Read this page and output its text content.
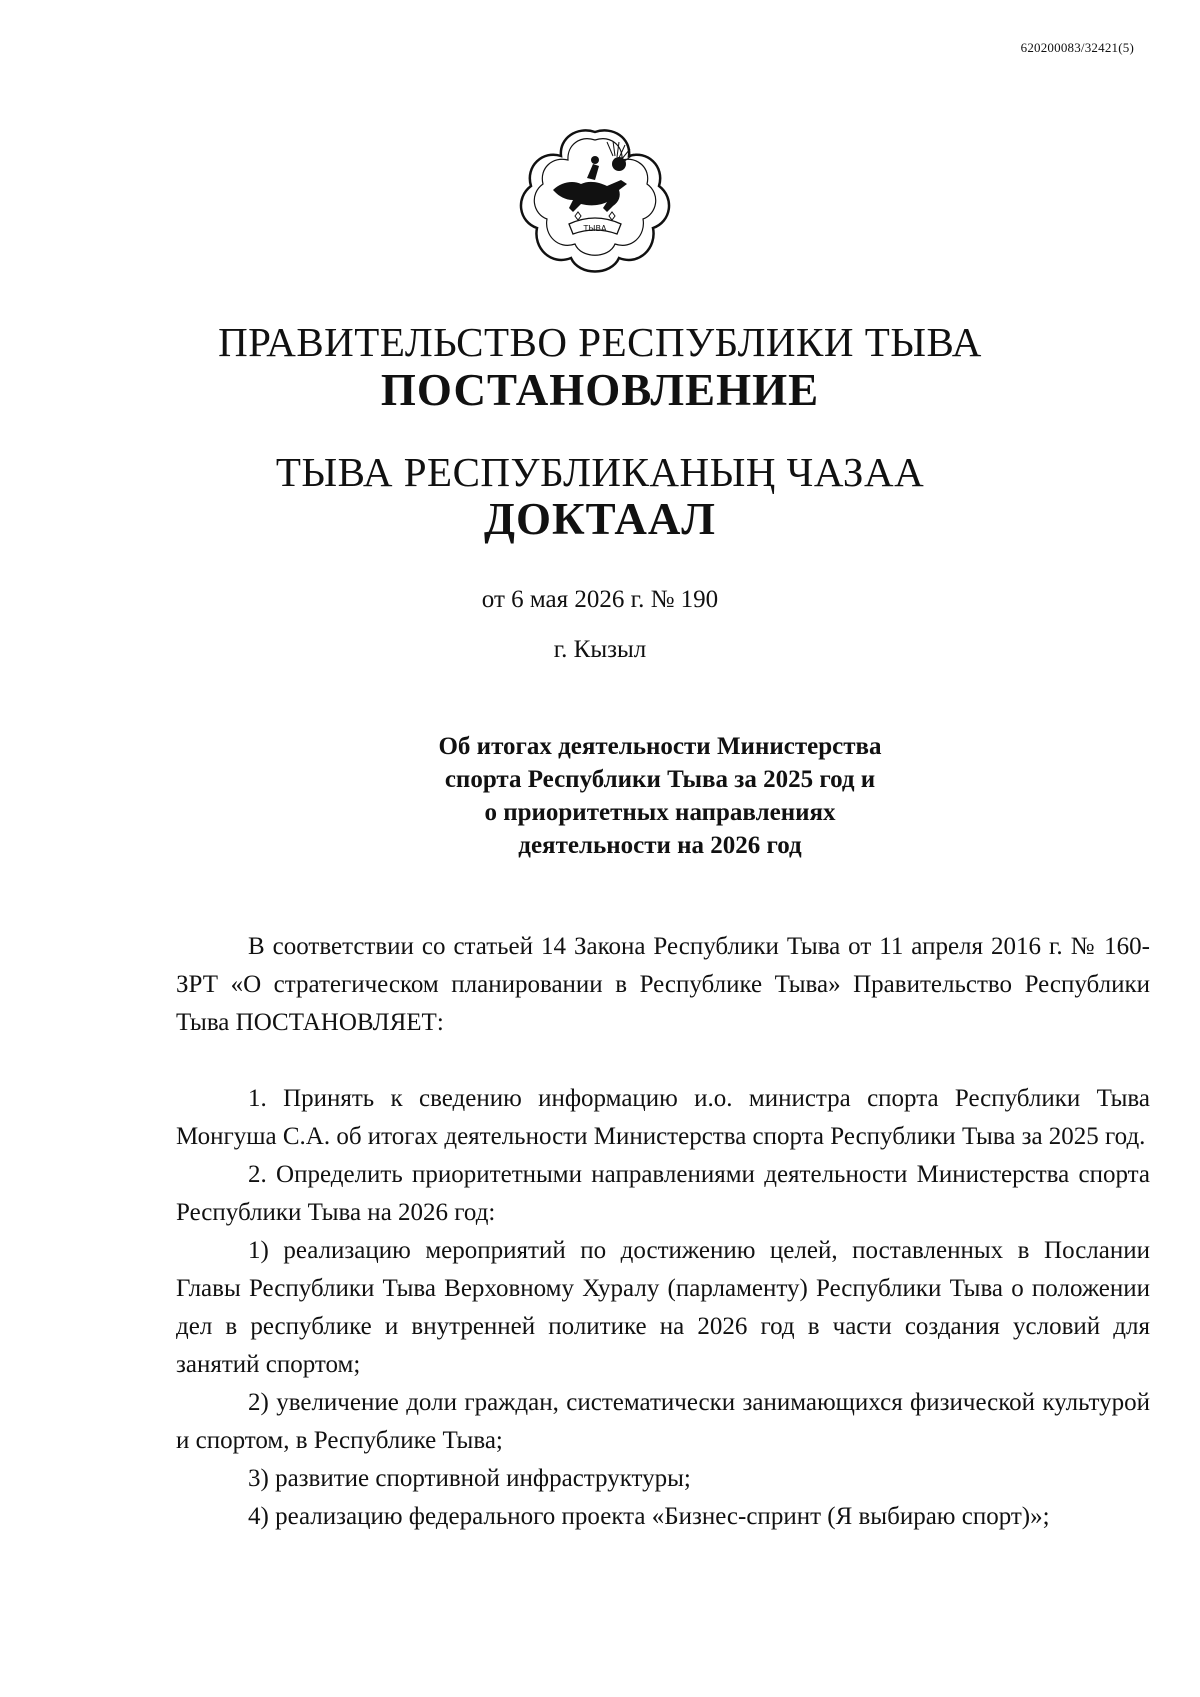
620200083/32421(5)
ТЫВА
ПРАВИТЕЛЬСТВО РЕСПУБЛИКИ ТЫВА
ПОСТАНОВЛЕНИЕ
ТЫВА РЕСПУБЛИКАНЫҢ ЧАЗАА
ДОКТААЛ
от 6 мая 2026 г. № 190
г. Кызыл
Об итогах деятельности Министерства
спорта Республики Тыва за 2025 год и
о приоритетных направлениях
деятельности на 2026 год

В соответствии со статьей 14 Закона Республики Тыва от 11 апреля 2016 г. № 160-ЗРТ «О стратегическом планировании в Республике Тыва» Правительство Республики Тыва ПОСТАНОВЛЯЕТ:

1. Принять к сведению информацию и.о. министра спорта Республики Тыва Монгуша С.А. об итогах деятельности Министерства спорта Республики Тыва за 2025 год.

2. Определить приоритетными направлениями деятельности Министерства спорта Республики Тыва на 2026 год:

1) реализацию мероприятий по достижению целей, поставленных в Послании Главы Республики Тыва Верховному Хуралу (парламенту) Республики Тыва о положении дел в республике и внутренней политике на 2026 год в части создания условий для занятий спортом;

2) увеличение доли граждан, систематически занимающихся физической культурой и спортом, в Республике Тыва;

3) развитие спортивной инфраструктуры;

4) реализацию федерального проекта «Бизнес-спринт (Я выбираю спорт)»;
